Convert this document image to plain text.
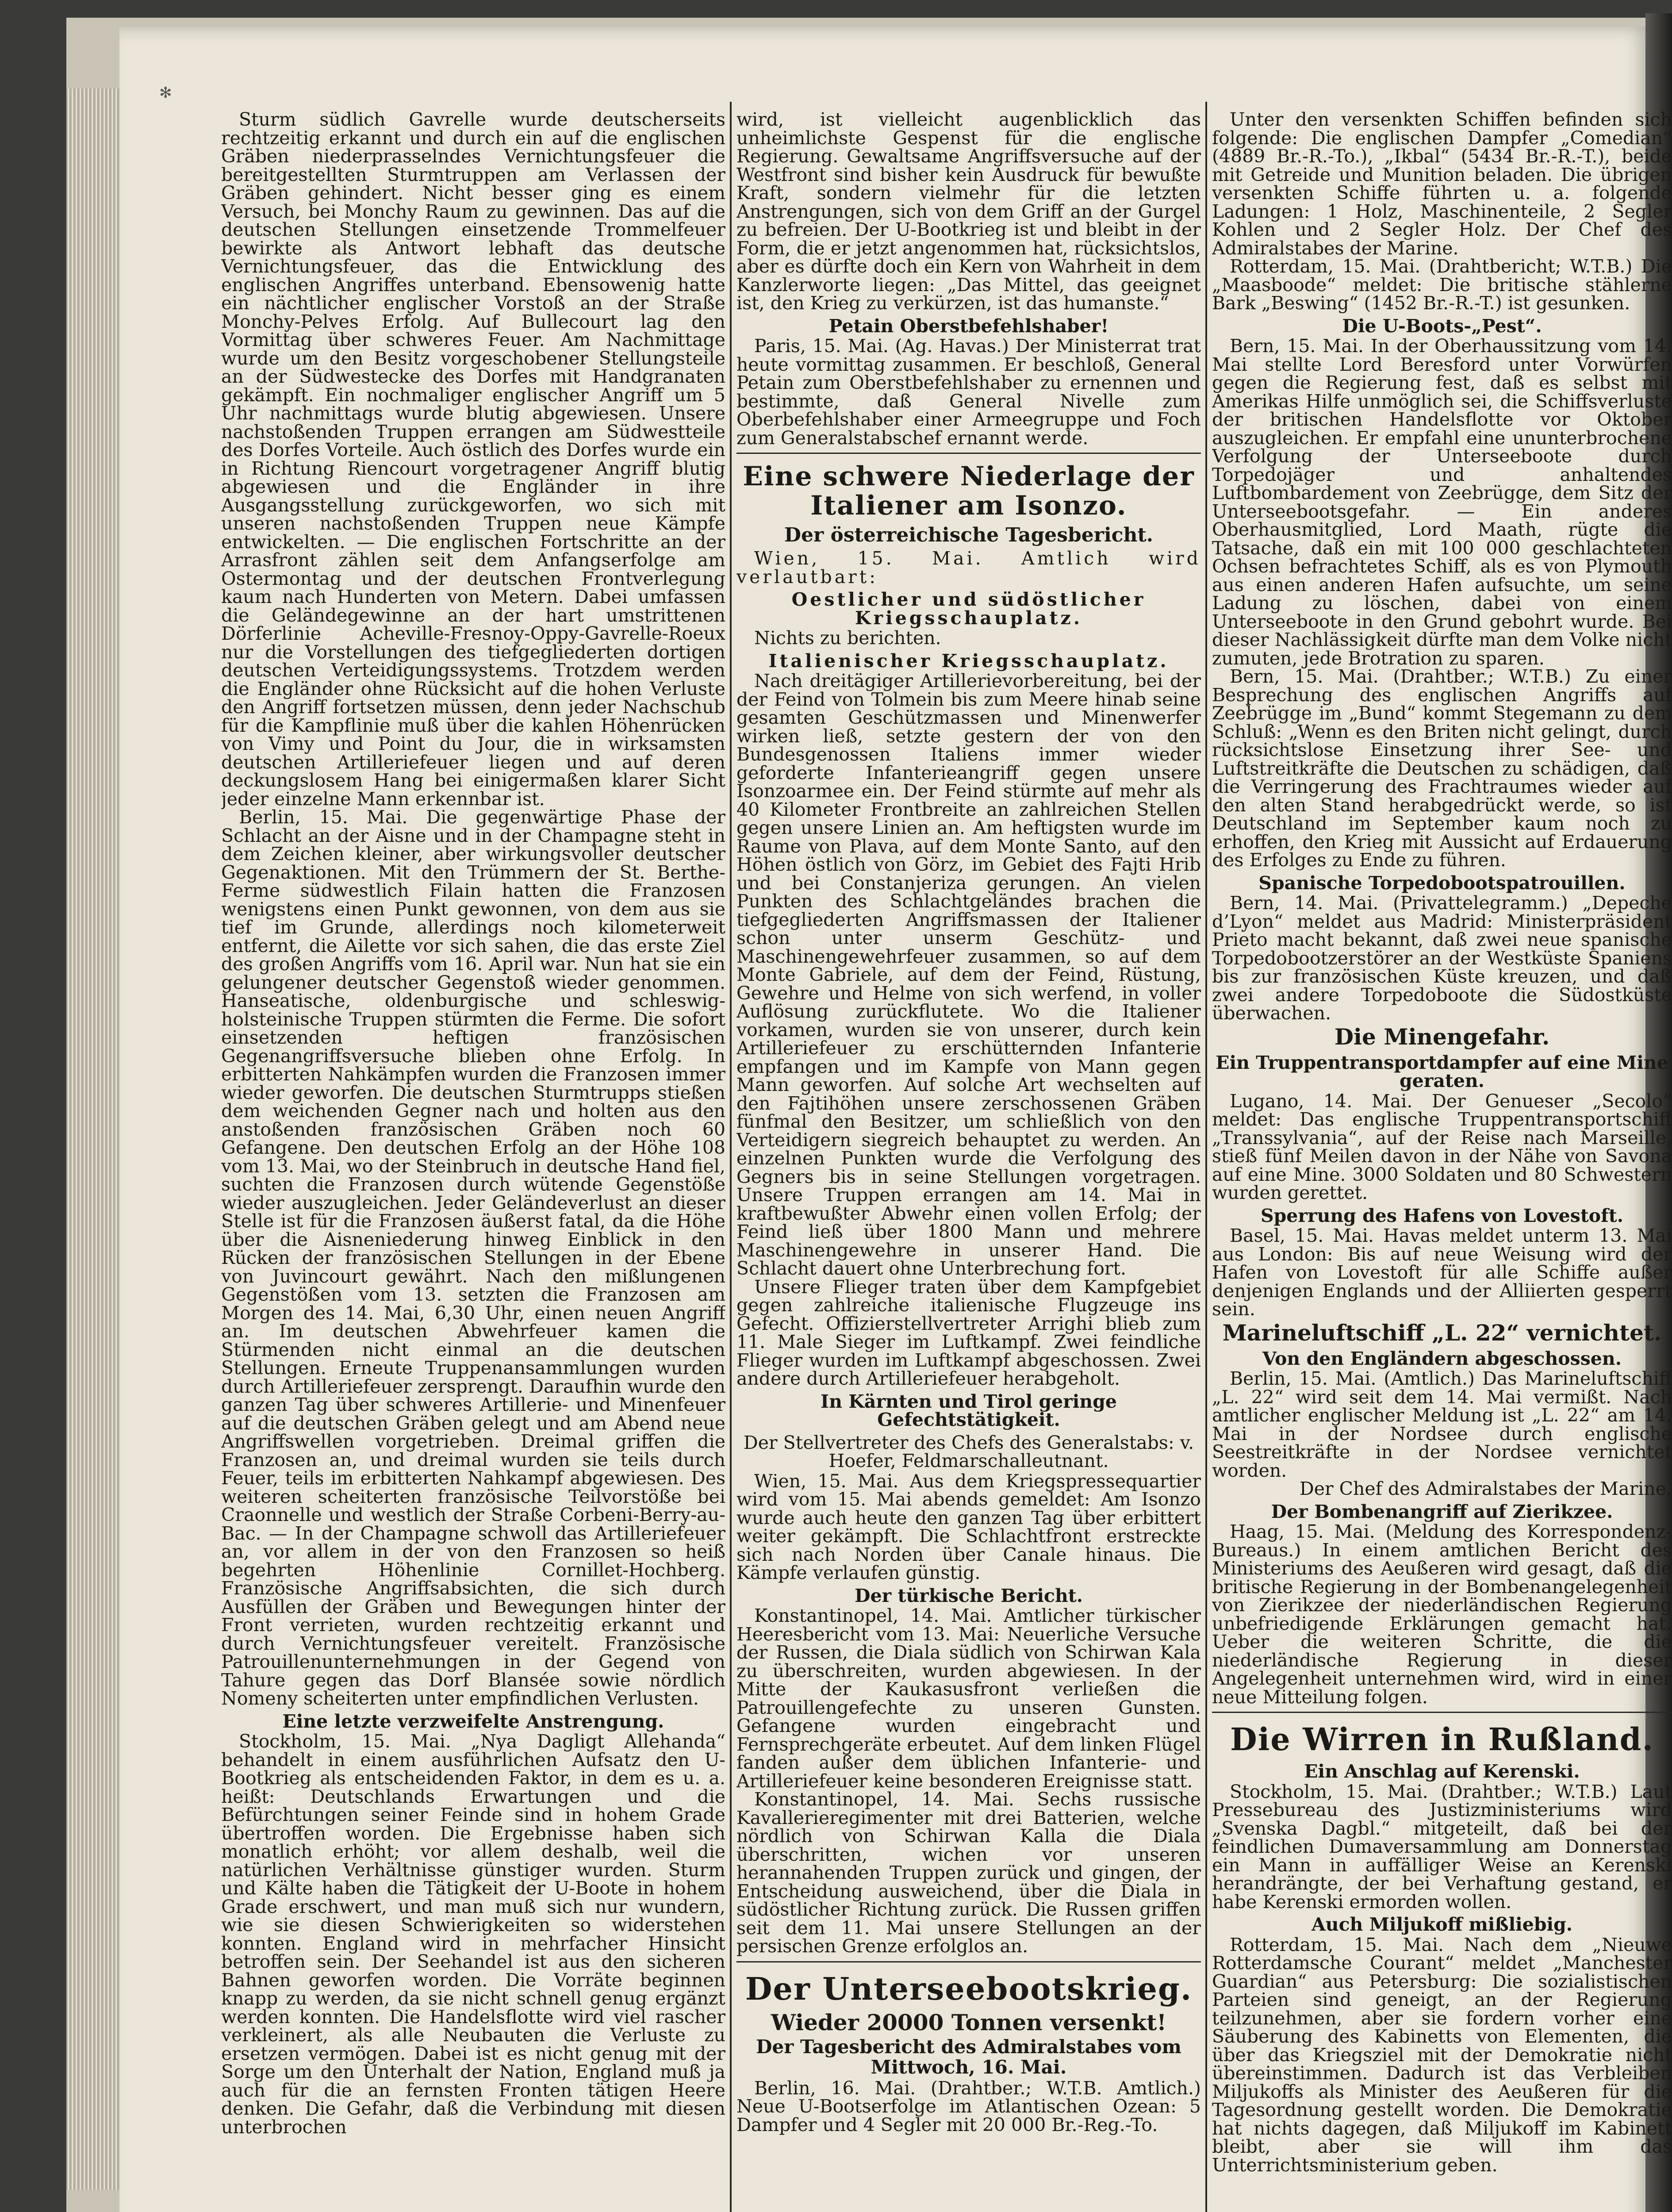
✻

Sturm südlich Gavrelle wurde deutscherseits rechtzeitig erkannt und durch ein auf die englischen Gräben niederprasselndes Vernichtungsfeuer die bereitgestellten Sturmtruppen am Verlassen der Gräben gehindert. Nicht besser ging es einem Versuch, bei Monchy Raum zu gewinnen. Das auf die deutschen Stellungen einsetzende Trommelfeuer bewirkte als Antwort lebhaft das deutsche Vernichtungsfeuer, das die Entwicklung des englischen Angriffes unterband. Ebensowenig hatte ein nächtlicher englischer Vorstoß an der Straße Monchy-Pelves Erfolg. Auf Bullecourt lag den Vormittag über schweres Feuer. Am Nachmittage wurde um den Besitz vorgeschobener Stellungsteile an der Südwestecke des Dorfes mit Handgranaten gekämpft. Ein nochmaliger englischer Angriff um 5 Uhr nachmittags wurde blutig abgewiesen. Unsere nachstoßenden Truppen errangen am Südwestteile des Dorfes Vorteile. Auch östlich des Dorfes wurde ein in Richtung Riencourt vorgetragener Angriff blutig abgewiesen und die Engländer in ihre Ausgangsstellung zurückgeworfen, wo sich mit unseren nachstoßenden Truppen neue Kämpfe entwickelten. — Die englischen Fortschritte an der Arrasfront zählen seit dem Anfangserfolge am Ostermontag und der deutschen Frontverlegung kaum nach Hunderten von Metern. Dabei umfassen die Geländegewinne an der hart umstrittenen Dörferlinie Acheville-Fresnoy-Oppy-Gavrelle-Roeux nur die Vorstellungen des tiefgegliederten dortigen deutschen Verteidigungssystems. Trotzdem werden die Engländer ohne Rücksicht auf die hohen Verluste den Angriff fortsetzen müssen, denn jeder Nachschub für die Kampflinie muß über die kahlen Höhenrücken von Vimy und Point du Jour, die in wirksamsten deutschen Artilleriefeuer liegen und auf deren deckungslosem Hang bei einigermaßen klarer Sicht jeder einzelne Mann erkennbar ist.

Berlin, 15. Mai. Die gegenwärtige Phase der Schlacht an der Aisne und in der Champagne steht in dem Zeichen kleiner, aber wirkungsvoller deutscher Gegenaktionen. Mit den Trümmern der St. Berthe-Ferme südwestlich Filain hatten die Franzosen wenigstens einen Punkt gewonnen, von dem aus sie tief im Grunde, allerdings noch kilometerweit entfernt, die Ailette vor sich sahen, die das erste Ziel des großen Angriffs vom 16. April war. Nun hat sie ein gelungener deutscher Gegenstoß wieder genommen. Hanseatische, oldenburgische und schleswig-holsteinische Truppen stürmten die Ferme. Die sofort einsetzenden heftigen französischen Gegenangriffsversuche blieben ohne Erfolg. In erbitterten Nahkämpfen wurden die Franzosen immer wieder geworfen. Die deutschen Sturmtrupps stießen dem weichenden Gegner nach und holten aus den anstoßenden französischen Gräben noch 60 Gefangene. Den deutschen Erfolg an der Höhe 108 vom 13. Mai, wo der Steinbruch in deutsche Hand fiel, suchten die Franzosen durch wütende Gegenstöße wieder auszugleichen. Jeder Geländeverlust an dieser Stelle ist für die Franzosen äußerst fatal, da die Höhe über die Aisneniederung hinweg Einblick in den Rücken der französischen Stellungen in der Ebene von Juvincourt gewährt. Nach den mißlungenen Gegenstößen vom 13. setzten die Franzosen am Morgen des 14. Mai, 6,30 Uhr, einen neuen Angriff an. Im deutschen Abwehrfeuer kamen die Stürmenden nicht einmal an die deutschen Stellungen. Erneute Truppenansammlungen wurden durch Artilleriefeuer zersprengt. Daraufhin wurde den ganzen Tag über schweres Artillerie- und Minenfeuer auf die deutschen Gräben gelegt und am Abend neue Angriffswellen vorgetrieben. Dreimal griffen die Franzosen an, und dreimal wurden sie teils durch Feuer, teils im erbitterten Nahkampf abgewiesen. Des weiteren scheiterten französische Teilvorstöße bei Craonnelle und westlich der Straße Corbeni-Berry-au-Bac. — In der Champagne schwoll das Artilleriefeuer an, vor allem in der von den Franzosen so heiß begehrten Höhenlinie Cornillet-Hochberg. Französische Angriffsabsichten, die sich durch Ausfüllen der Gräben und Bewegungen hinter der Front verrieten, wurden rechtzeitig erkannt und durch Vernichtungsfeuer vereitelt. Französische Patrouillenunternehmungen in der Gegend von Tahure gegen das Dorf Blansée sowie nördlich Nomeny scheiterten unter empfindlichen Verlusten.

Eine letzte verzweifelte Anstrengung.

Stockholm, 15. Mai. „Nya Dagligt Allehanda“ behandelt in einem ausführlichen Aufsatz den U-Bootkrieg als entscheidenden Faktor, in dem es u. a. heißt: Deutschlands Erwartungen und die Befürchtungen seiner Feinde sind in hohem Grade übertroffen worden. Die Ergebnisse haben sich monatlich erhöht; vor allem deshalb, weil die natürlichen Verhältnisse günstiger wurden. Sturm und Kälte haben die Tätigkeit der U-Boote in hohem Grade erschwert, und man muß sich nur wundern, wie sie diesen Schwierigkeiten so widerstehen konnten. England wird in mehrfacher Hinsicht betroffen sein. Der Seehandel ist aus den sicheren Bahnen geworfen worden. Die Vorräte beginnen knapp zu werden, da sie nicht schnell genug ergänzt werden konnten. Die Handelsflotte wird viel rascher verkleinert, als alle Neubauten die Verluste zu ersetzen vermögen. Dabei ist es nicht genug mit der Sorge um den Unterhalt der Nation, England muß ja auch für die an fernsten Fronten tätigen Heere denken. Die Gefahr, daß die Verbindung mit diesen unterbrochen

wird, ist vielleicht augenblicklich das unheimlichste Gespenst für die englische Regierung. Gewaltsame Angriffsversuche auf der Westfront sind bisher kein Ausdruck für bewußte Kraft, sondern vielmehr für die letzten Anstrengungen, sich von dem Griff an der Gurgel zu befreien. Der U-Bootkrieg ist und bleibt in der Form, die er jetzt angenommen hat, rücksichtslos, aber es dürfte doch ein Kern von Wahrheit in dem Kanzlerworte liegen: „Das Mittel, das geeignet ist, den Krieg zu verkürzen, ist das humanste.“

Petain Oberstbefehlshaber!

Paris, 15. Mai. (Ag. Havas.) Der Ministerrat trat heute vormittag zusammen. Er beschloß, General Petain zum Oberstbefehlshaber zu ernennen und bestimmte, daß General Nivelle zum Oberbefehlshaber einer Armeegruppe und Foch zum Generalstabschef ernannt werde.

Eine schwere Niederlage der Italiener am Isonzo.
Der österreichische Tagesbericht.

Wien, 15. Mai. Amtlich wird verlautbart:

Oestlicher und südöstlicher Kriegsschauplatz.

Nichts zu berichten.

Italienischer Kriegsschauplatz.

Nach dreitägiger Artillerievorbereitung, bei der der Feind von Tolmein bis zum Meere hinab seine gesamten Geschützmassen und Minenwerfer wirken ließ, setzte gestern der von den Bundesgenossen Italiens immer wieder geforderte Infanterieangriff gegen unsere Isonzoarmee ein. Der Feind stürmte auf mehr als 40 Kilometer Frontbreite an zahlreichen Stellen gegen unsere Linien an. Am heftigsten wurde im Raume von Plava, auf dem Monte Santo, auf den Höhen östlich von Görz, im Gebiet des Fajti Hrib und bei Constanjeriza gerungen. An vielen Punkten des Schlachtgeländes brachen die tiefgegliederten Angriffsmassen der Italiener schon unter unserm Geschütz- und Maschinengewehrfeuer zusammen, so auf dem Monte Gabriele, auf dem der Feind, Rüstung, Gewehre und Helme von sich werfend, in voller Auflösung zurückflutete. Wo die Italiener vorkamen, wurden sie von unserer, durch kein Artilleriefeuer zu erschütternden Infanterie empfangen und im Kampfe von Mann gegen Mann geworfen. Auf solche Art wechselten auf den Fajtihöhen unsere zerschossenen Gräben fünfmal den Besitzer, um schließlich von den Verteidigern siegreich behauptet zu werden. An einzelnen Punkten wurde die Verfolgung des Gegners bis in seine Stellungen vorgetragen. Unsere Truppen errangen am 14. Mai in kraftbewußter Abwehr einen vollen Erfolg; der Feind ließ über 1800 Mann und mehrere Maschinengewehre in unserer Hand. Die Schlacht dauert ohne Unterbrechung fort.

Unsere Flieger traten über dem Kampfgebiet gegen zahlreiche italienische Flugzeuge ins Gefecht. Offizierstellvertreter Arrighi blieb zum 11. Male Sieger im Luftkampf. Zwei feindliche Flieger wurden im Luftkampf abgeschossen. Zwei andere durch Artilleriefeuer herabgeholt.

In Kärnten und Tirol geringe Gefechtstätigkeit.
Der Stellvertreter des Chefs des Generalstabs: v. Hoefer, Feldmarschalleutnant.

Wien, 15. Mai. Aus dem Kriegspressequartier wird vom 15. Mai abends gemeldet: Am Isonzo wurde auch heute den ganzen Tag über erbittert weiter gekämpft. Die Schlachtfront erstreckte sich nach Norden über Canale hinaus. Die Kämpfe verlaufen günstig.

Der türkische Bericht.

Konstantinopel, 14. Mai. Amtlicher türkischer Heeresbericht vom 13. Mai: Neuerliche Versuche der Russen, die Diala südlich von Schirwan Kala zu überschreiten, wurden abgewiesen. In der Mitte der Kaukasusfront verließen die Patrouillengefechte zu unseren Gunsten. Gefangene wurden eingebracht und Fernsprechgeräte erbeutet. Auf dem linken Flügel fanden außer dem üblichen Infanterie- und Artilleriefeuer keine besonderen Ereignisse statt.

Konstantinopel, 14. Mai. Sechs russische Kavallerieregimenter mit drei Batterien, welche nördlich von Schirwan Kalla die Diala überschritten, wichen vor unseren herannahenden Truppen zurück und gingen, der Entscheidung ausweichend, über die Diala in südöstlicher Richtung zurück. Die Russen griffen seit dem 11. Mai unsere Stellungen an der persischen Grenze erfolglos an.

Der Unterseebootskrieg.
Wieder 20000 Tonnen versenkt!
Der Tagesbericht des Admiralstabes vom Mittwoch, 16. Mai.

Berlin, 16. Mai. (Drahtber.; W.T.B. Amtlich.) Neue U-Bootserfolge im Atlantischen Ozean: 5 Dampfer und 4 Segler mit 20 000 Br.-Reg.-To.

Unter den versenkten Schiffen befinden sich folgende: Die englischen Dampfer „Comedian“ (4889 Br.-R.-To.), „Ikbal“ (5434 Br.-R.-T.), beide mit Getreide und Munition beladen. Die übrigen versenkten Schiffe führten u. a. folgende Ladungen: 1 Holz, Maschinenteile, 2 Segler Kohlen und 2 Segler Holz. Der Chef des Admiralstabes der Marine.

Rotterdam, 15. Mai. (Drahtbericht; W.T.B.) Die „Maasboode“ meldet: Die britische stählerne Bark „Beswing“ (1452 Br.-R.-T.) ist gesunken.

Die U-Boots-„Pest“.

Bern, 15. Mai. In der Oberhaussitzung vom 14. Mai stellte Lord Beresford unter Vorwürfen gegen die Regierung fest, daß es selbst mit Amerikas Hilfe unmöglich sei, die Schiffsverluste der britischen Handelsflotte vor Oktober auszugleichen. Er empfahl eine ununterbrochene Verfolgung der Unterseeboote durch Torpedojäger und anhaltendes Luftbombardement von Zeebrügge, dem Sitz der Unterseebootsgefahr. — Ein anderes Oberhausmitglied, Lord Maath, rügte die Tatsache, daß ein mit 100 000 geschlachteten Ochsen befrachtetes Schiff, als es von Plymouth aus einen anderen Hafen aufsuchte, um seine Ladung zu löschen, dabei von einem Unterseeboote in den Grund gebohrt wurde. Bei dieser Nachlässigkeit dürfte man dem Volke nicht zumuten, jede Brotration zu sparen.

Bern, 15. Mai. (Drahtber.; W.T.B.) Zu einer Besprechung des englischen Angriffs auf Zeebrügge im „Bund“ kommt Stegemann zu dem Schluß: „Wenn es den Briten nicht gelingt, durch rücksichtslose Einsetzung ihrer See- und Luftstreitkräfte die Deutschen zu schädigen, daß die Verringerung des Frachtraumes wieder auf den alten Stand herabgedrückt werde, so ist Deutschland im September kaum noch zu erhoffen, den Krieg mit Aussicht auf Erdauerung des Erfolges zu Ende zu führen.

Spanische Torpedobootspatrouillen.

Bern, 14. Mai. (Privattelegramm.) „Depeche d’Lyon“ meldet aus Madrid: Ministerpräsident Prieto macht bekannt, daß zwei neue spanische Torpedobootzerstörer an der Westküste Spaniens bis zur französischen Küste kreuzen, und daß zwei andere Torpedoboote die Südostküste überwachen.

Die Minengefahr.
Ein Truppentransportdampfer auf eine Mine geraten.

Lugano, 14. Mai. Der Genueser „Secolo“ meldet: Das englische Truppentransportschiff „Transsylvania“, auf der Reise nach Marseille, stieß fünf Meilen davon in der Nähe von Savona auf eine Mine. 3000 Soldaten und 80 Schwestern wurden gerettet.

Sperrung des Hafens von Lovestoft.

Basel, 15. Mai. Havas meldet unterm 13. Mai aus London: Bis auf neue Weisung wird der Hafen von Lovestoft für alle Schiffe außer denjenigen Englands und der Alliierten gesperrt sein.

Marineluftschiff „L. 22“ vernichtet.
Von den Engländern abgeschossen.

Berlin, 15. Mai. (Amtlich.) Das Marineluftschiff „L. 22“ wird seit dem 14. Mai vermißt. Nach amtlicher englischer Meldung ist „L. 22“ am 14. Mai in der Nordsee durch englische Seestreitkräfte in der Nordsee vernichtet worden.

Der Chef des Admiralstabes der Marine.

Der Bombenangriff auf Zierikzee.

Haag, 15. Mai. (Meldung des Korrespondenz-Bureaus.) In einem amtlichen Bericht des Ministeriums des Aeußeren wird gesagt, daß die britische Regierung in der Bombenangelegenheit von Zierikzee der niederländischen Regierung unbefriedigende Erklärungen gemacht hat. Ueber die weiteren Schritte, die die niederländische Regierung in dieser Angelegenheit unternehmen wird, wird in einer neue Mitteilung folgen.

Die Wirren in Rußland.
Ein Anschlag auf Kerenski.

Stockholm, 15. Mai. (Drahtber.; W.T.B.) Laut Pressebureau des Justizministeriums wird „Svenska Dagbl.“ mitgeteilt, daß bei der feindlichen Dumaversammlung am Donnerstag ein Mann in auffälliger Weise an Kerenski herandrängte, der bei Verhaftung gestand, er habe Kerenski ermorden wollen.

Auch Miljukoff mißliebig.

Rotterdam, 15. Mai. Nach dem „Nieuwe Rotterdamsche Courant“ meldet „Manchester Guardian“ aus Petersburg: Die sozialistischen Parteien sind geneigt, an der Regierung teilzunehmen, aber sie fordern vorher eine Säuberung des Kabinetts von Elementen, die über das Kriegsziel mit der Demokratie nicht übereinstimmen. Dadurch ist das Verbleiben Miljukoffs als Minister des Aeußeren für die Tagesordnung gestellt worden. Die Demokratie hat nichts dagegen, daß Miljukoff im Kabinett bleibt, aber sie will ihm das Unterrichtsministerium geben.
